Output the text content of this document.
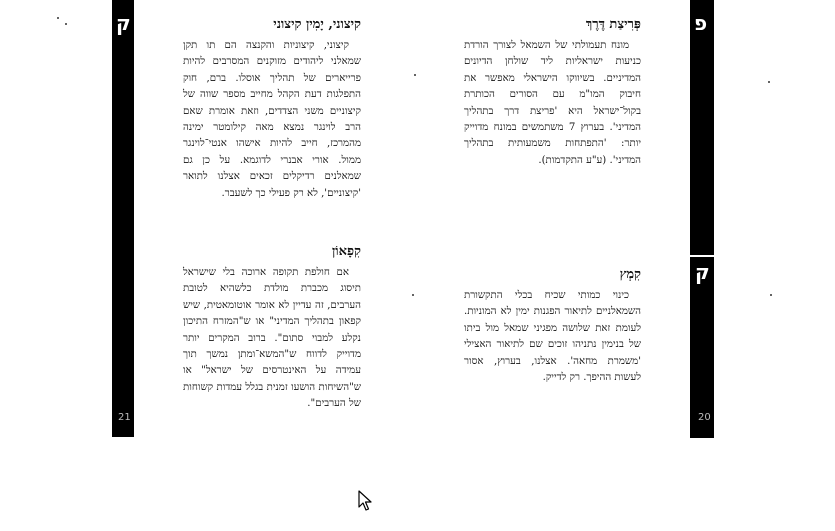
ק
21
פ
ק
20
קיצוני, יָמִין קיצוני

קיצוני, קיצוניות והקנצה הם תו תקן שמאלני ליהודים מזוקנים המסרבים להיות פרייארים של תהליך אוסלו. ברם, חוק התפלגות דעת הקהל מחייב מספר שווה של קיצוניים משני הצדדים, וזאת אומרת שאם הרב לוינגר נמצא מאה קילומטר ימינה מהמרכז, חייב להיות אישהו אנטי־לוינגר ממול. אורי אבנרי לדוגמא. על כן גם שמאלנים רדיקלים זכאים אצלנו לתואר 'קיצוניים', לא רק פעילי כך לשעבר.

קִפָאוֹן

אם חולפת תקופה ארוכה בלי שישראל תיסוג מכברת מולדת כלשהיא לטובת הערבים, זה עדיין לא אומר אוטומאטית, שיש קפאון בתהליך המדיני" או ש"המזרח התיכון נקלע למבוי סתום". ברוב המקרים יותר מדוייק לדווח ש"המשא־ומתן נמשך תוך עמידה על האינטרסים של ישראל" או ש"השיחות הושעו זמנית בגלל עמדות קשוחות של הערבים".

פְּרִיצַת דֶּרֶךְ

מונח תעמולתי של השמאל לצורך הורדת כניעות ישראליות ליד שולחן הדיונים המדיניים. בשיווקו הישראלי מאפשר את חיבוק המו"מ עם הסורים הכותרת בקול־ישראל היא 'פריצת דרך בתהליך המדיני'. בערוץ 7 משתמשים במונח מדוייק יותר: 'התפתחות משמעותית בתהליך המדיני'. (ע"ע התקדמות).

קִמְץ

כינוי כמותי שכיח בכלי התקשורת השמאלניים לתיאור הפגנות ימין לא המוניות. לעומת זאת שלושה מפגיני שמאל מול ביתו של בנימין נתניהו זוכים שם לתיאור האצילי 'משמרת מחאה'. אצלנו, בערוץ, אסור לעשות ההיפך. רק לדייק.
